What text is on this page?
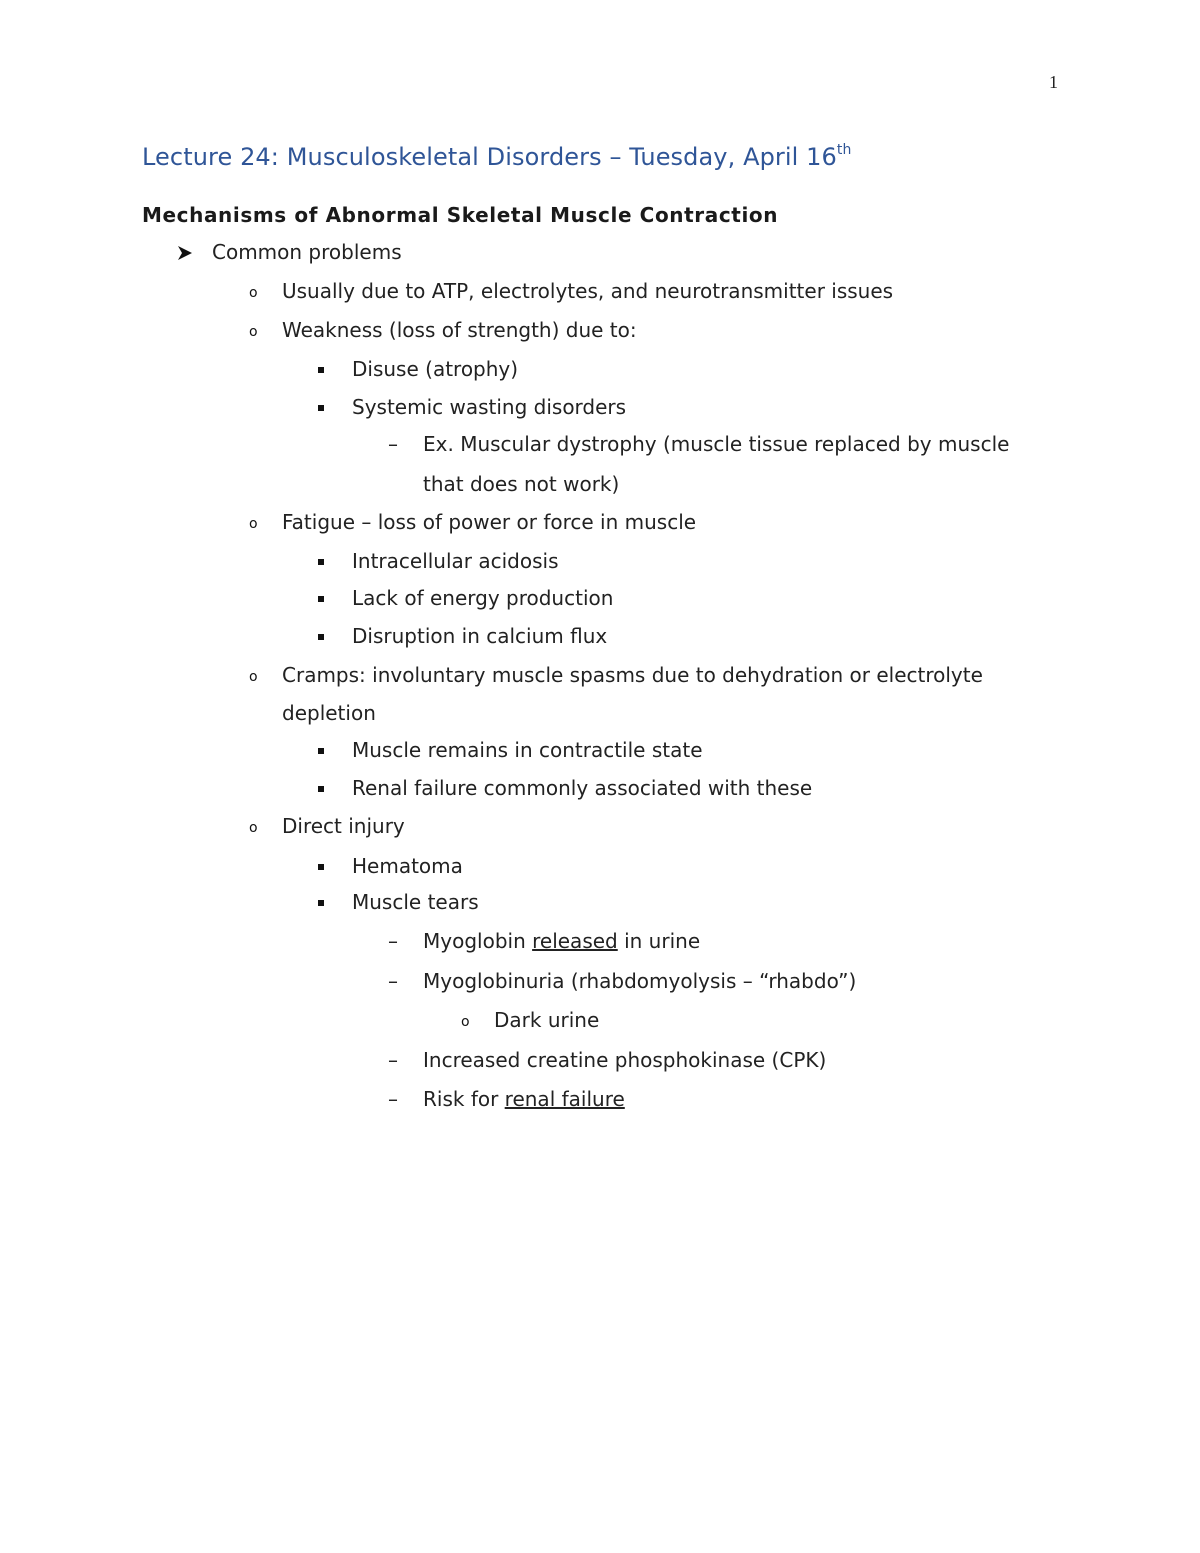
1
Lecture 24: Musculoskeletal Disorders – Tuesday, April 16th
Mechanisms of Abnormal Skeletal Muscle Contraction
Common problems
o Usually due to ATP, electrolytes, and neurotransmitter issues
o Weakness (loss of strength) due to:
Disuse (atrophy)
Systemic wasting disorders
– Ex. Muscular dystrophy (muscle tissue replaced by muscle
that does not work)
o Fatigue – loss of power or force in muscle
Intracellular acidosis
Lack of energy production
Disruption in calcium flux
o Cramps: involuntary muscle spasms due to dehydration or electrolyte
depletion
Muscle remains in contractile state
Renal failure commonly associated with these
o Direct injury
Hematoma
Muscle tears
– Myoglobin released in urine
– Myoglobinuria (rhabdomyolysis – “rhabdo”)
o Dark urine
– Increased creatine phosphokinase (CPK)
– Risk for renal failure
